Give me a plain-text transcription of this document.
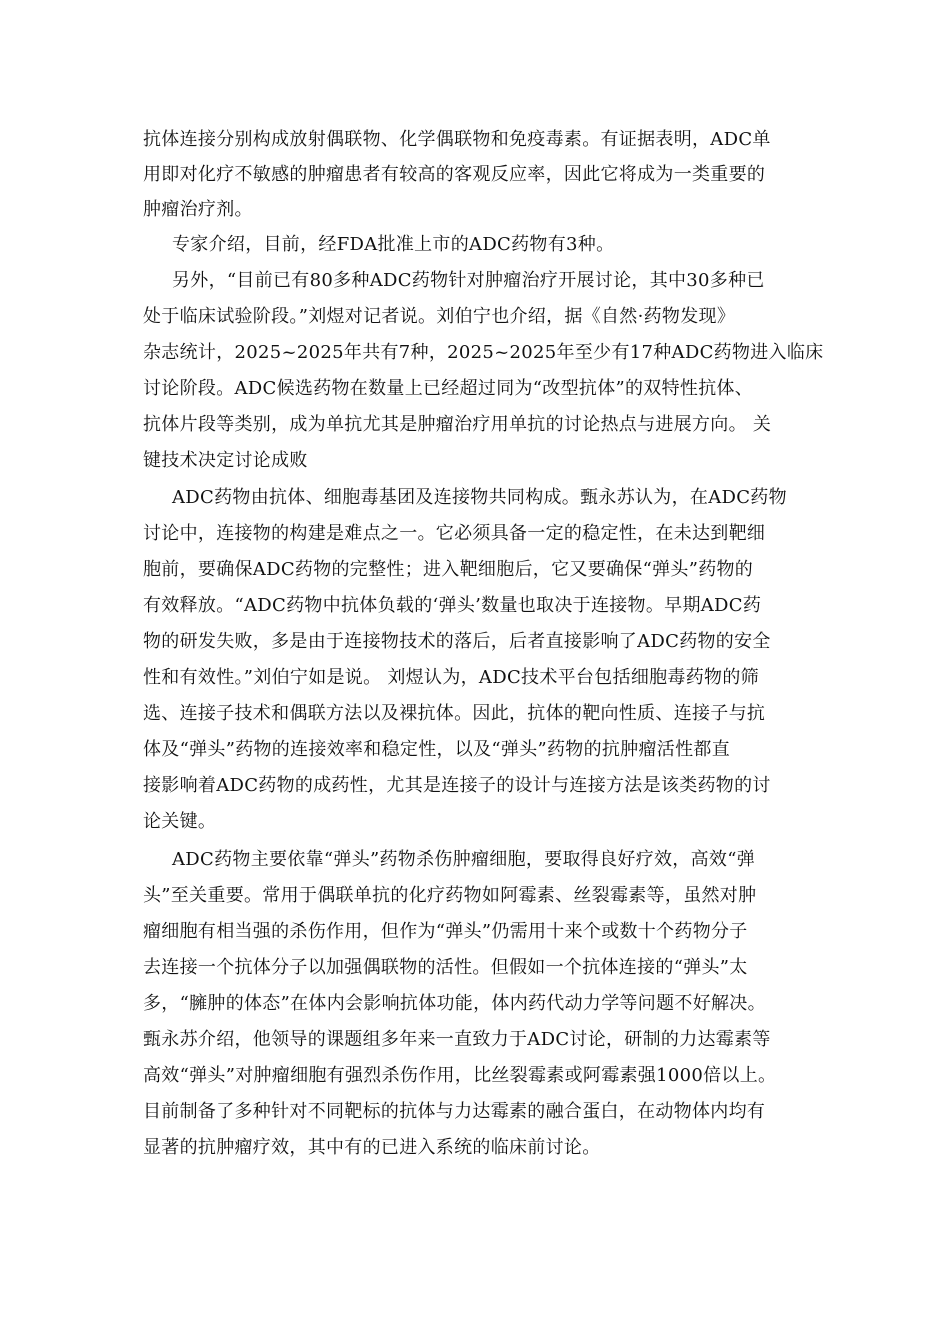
抗体连接分别构成放射偶联物、化学偶联物和免疫毒素。有证据表明，ADC单
用即对化疗不敏感的肿瘤患者有较高的客观反应率，因此它将成为一类重要的
肿瘤治疗剂。
专家介绍，目前，经FDA批准上市的ADC药物有3种。
另外，“目前已有80多种ADC药物针对肿瘤治疗开展讨论，其中30多种已
处于临床试验阶段。”刘煜对记者说。刘伯宁也介绍，据《自然·药物发现》
杂志统计，2025~2025年共有7种，2025~2025年至少有17种ADC药物进入临床
讨论阶段。ADC候选药物在数量上已经超过同为“改型抗体”的双特性抗体、
抗体片段等类别，成为单抗尤其是肿瘤治疗用单抗的讨论热点与进展方向。 关
键技术决定讨论成败
ADC药物由抗体、细胞毒基团及连接物共同构成。甄永苏认为，在ADC药物
讨论中，连接物的构建是难点之一。它必须具备一定的稳定性，在未达到靶细
胞前，要确保ADC药物的完整性；进入靶细胞后，它又要确保“弹头”药物的
有效释放。“ADC药物中抗体负载的‘弹头’数量也取决于连接物。早期ADC药
物的研发失败，多是由于连接物技术的落后，后者直接影响了ADC药物的安全
性和有效性。”刘伯宁如是说。 刘煜认为，ADC技术平台包括细胞毒药物的筛
选、连接子技术和偶联方法以及裸抗体。因此，抗体的靶向性质、连接子与抗
体及“弹头”药物的连接效率和稳定性，以及“弹头”药物的抗肿瘤活性都直
接影响着ADC药物的成药性，尤其是连接子的设计与连接方法是该类药物的讨
论关键。
ADC药物主要依靠“弹头”药物杀伤肿瘤细胞，要取得良好疗效，高效“弹
头”至关重要。常用于偶联单抗的化疗药物如阿霉素、丝裂霉素等，虽然对肿
瘤细胞有相当强的杀伤作用，但作为“弹头”仍需用十来个或数十个药物分子
去连接一个抗体分子以加强偶联物的活性。但假如一个抗体连接的“弹头”太
多，“臃肿的体态”在体内会影响抗体功能，体内药代动力学等问题不好解决。
甄永苏介绍，他领导的课题组多年来一直致力于ADC讨论，研制的力达霉素等
高效“弹头”对肿瘤细胞有强烈杀伤作用，比丝裂霉素或阿霉素强1000倍以上。
目前制备了多种针对不同靶标的抗体与力达霉素的融合蛋白，在动物体内均有
显著的抗肿瘤疗效，其中有的已进入系统的临床前讨论。
